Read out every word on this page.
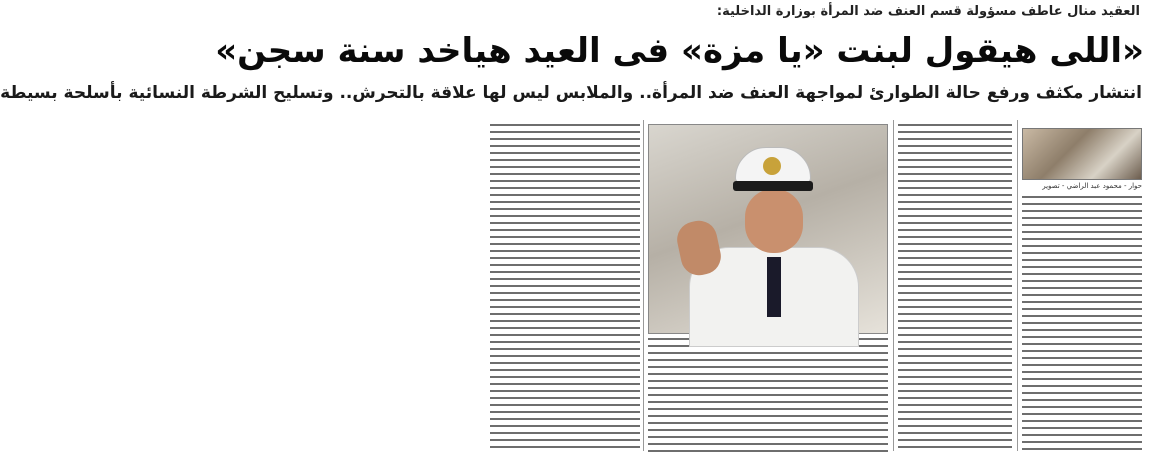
العقيد منال عاطف مسؤولة قسم العنف ضد المرأة بوزارة الداخلية:
«اللى هيقول لبنت «يا مزة» فى العيد هياخد سنة سجن»
انتشار مكثف ورفع حالة الطوارئ لمواجهة العنف ضد المرأة.. والملابس ليس لها علاقة بالتحرش.. وتسليح الشرطة النسائية بأسلحة بسيطة
حوار - محمود عبد الراضي - تصوير
